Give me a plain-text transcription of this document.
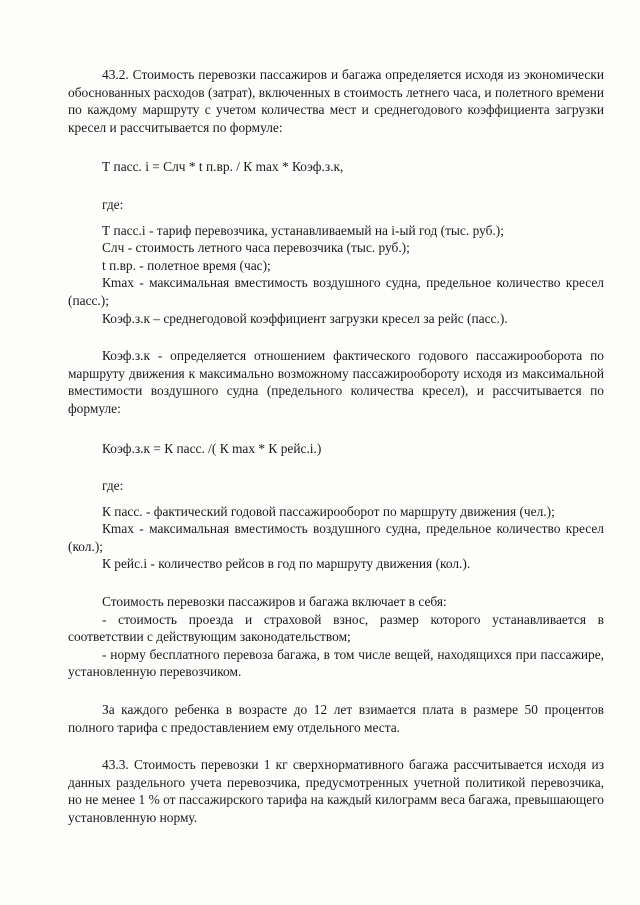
43.2. Стоимость перевозки пассажиров и багажа определяется исходя из экономически обоснованных расходов (затрат), включенных в стоимость летнего часа, и полетного времени по каждому маршруту с учетом количества мест и среднегодового коэффициента загрузки кресел и рассчитывается по формуле:

Т пасс. i = Слч * t п.вр. / К max * Коэф.з.к,

где:

Т пасс.i - тариф перевозчика, устанавливаемый на i-ый год (тыс. руб.);

Слч - стоимость летного часа перевозчика (тыс. руб.);

t п.вр. - полетное время (час);

Кmax - максимальная вместимость воздушного судна, предельное количество кресел (пасс.);

Коэф.з.к – среднегодовой коэффициент загрузки кресел за рейс (пасс.).

Коэф.з.к - определяется отношением фактического годового пассажирооборота по маршруту движения к максимально возможному пассажирообороту исходя из максимальной вместимости воздушного судна (предельного количества кресел), и рассчитывается по формуле:

Коэф.з.к = К пасс. /( К max * К рейс.i.)

где:

К пасс. - фактический годовой пассажирооборот по маршруту движения (чел.);

Кmax - максимальная вместимость воздушного судна, предельное количество кресел (кол.);

К рейс.i - количество рейсов в год по маршруту движения (кол.).

Стоимость перевозки пассажиров и багажа включает в себя:

- стоимость проезда и страховой взнос, размер которого устанавливается в соответствии с действующим законодательством;

- норму бесплатного перевоза багажа, в том числе вещей, находящихся при пассажире, установленную перевозчиком.

За каждого ребенка в возрасте до 12 лет взимается плата в размере 50 процентов полного тарифа с предоставлением ему отдельного места.

43.3. Стоимость перевозки 1 кг сверхнормативного багажа рассчитывается исходя из данных раздельного учета перевозчика, предусмотренных учетной политикой перевозчика, но не менее 1 % от пассажирского тарифа на каждый килограмм веса багажа, превышающего установленную норму.
